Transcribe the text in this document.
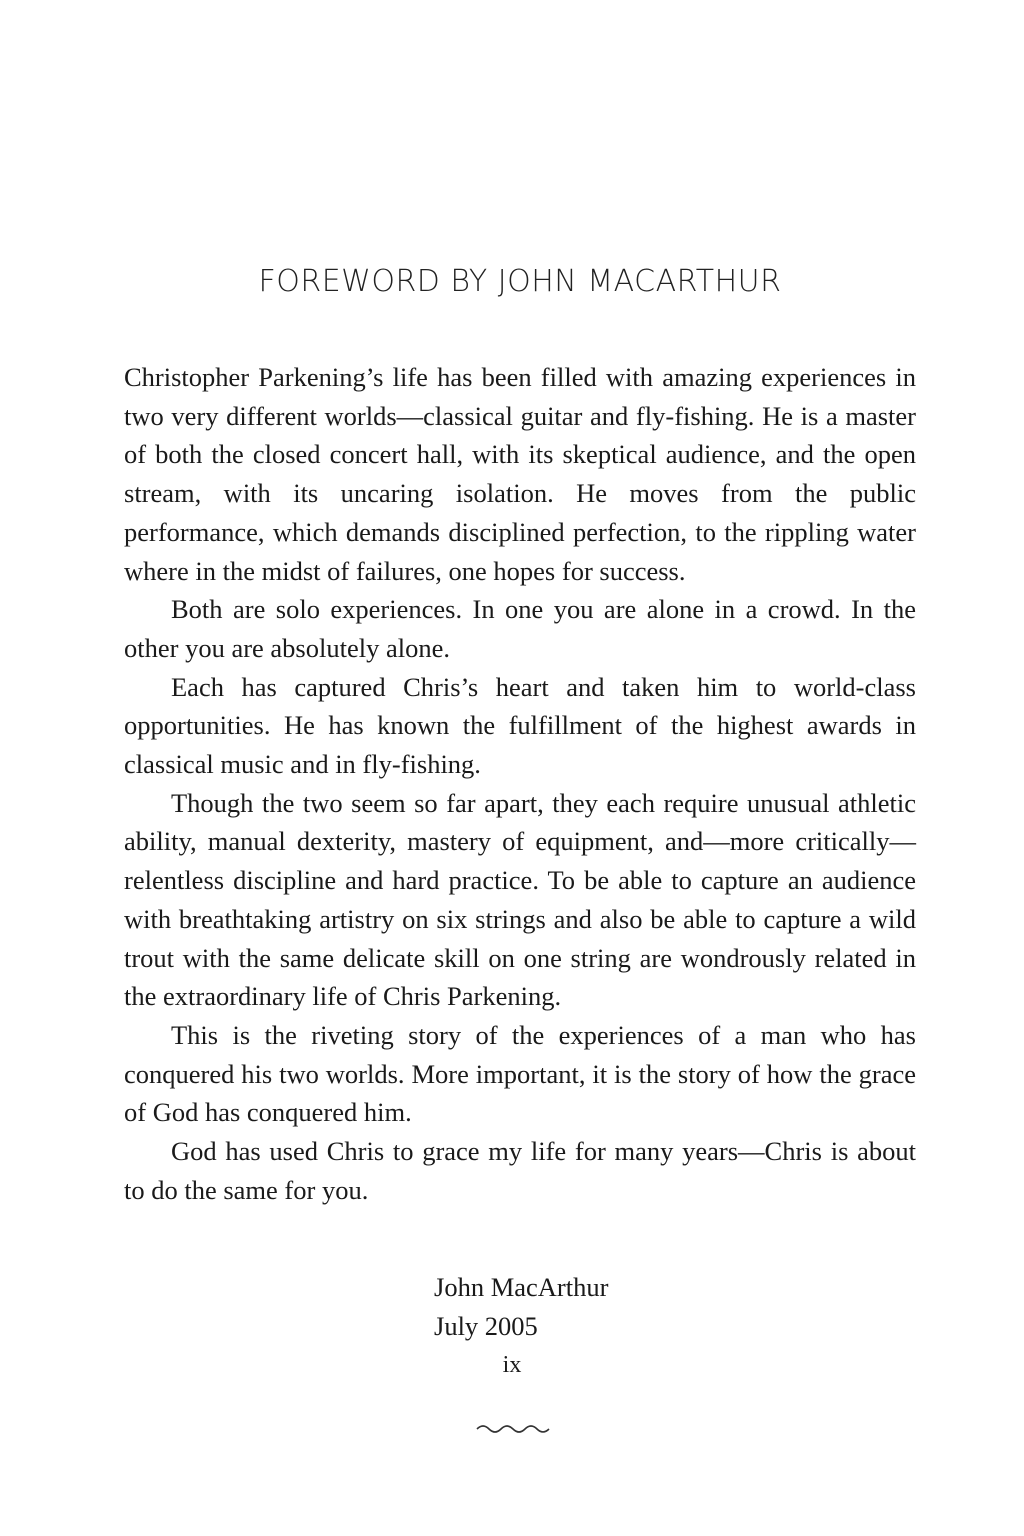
FOREWORD BY JOHN MACARTHUR

Christopher Parkening’s life has been filled with amazing experiences in two very different worlds—classical guitar and fly-fishing. He is a master of both the closed concert hall, with its skeptical audience, and the open stream, with its uncaring isolation. He moves from the public performance, which demands disciplined perfection, to the rippling water where in the midst of failures, one hopes for success.

Both are solo experiences. In one you are alone in a crowd. In the other you are absolutely alone.

Each has captured Chris’s heart and taken him to world-class opportunities. He has known the fulfillment of the highest awards in classical music and in fly-fishing.

Though the two seem so far apart, they each require unusual athletic ability, manual dexterity, mastery of equipment, and—more critically—relentless discipline and hard practice. To be able to capture an audience with breathtaking artistry on six strings and also be able to capture a wild trout with the same delicate skill on one string are wondrously related in the extraordinary life of Chris Parkening.

This is the riveting story of the experiences of a man who has conquered his two worlds. More important, it is the story of how the grace of God has conquered him.

God has used Chris to grace my life for many years—Chris is about to do the same for you.

John MacArthur
July 2005
ix
